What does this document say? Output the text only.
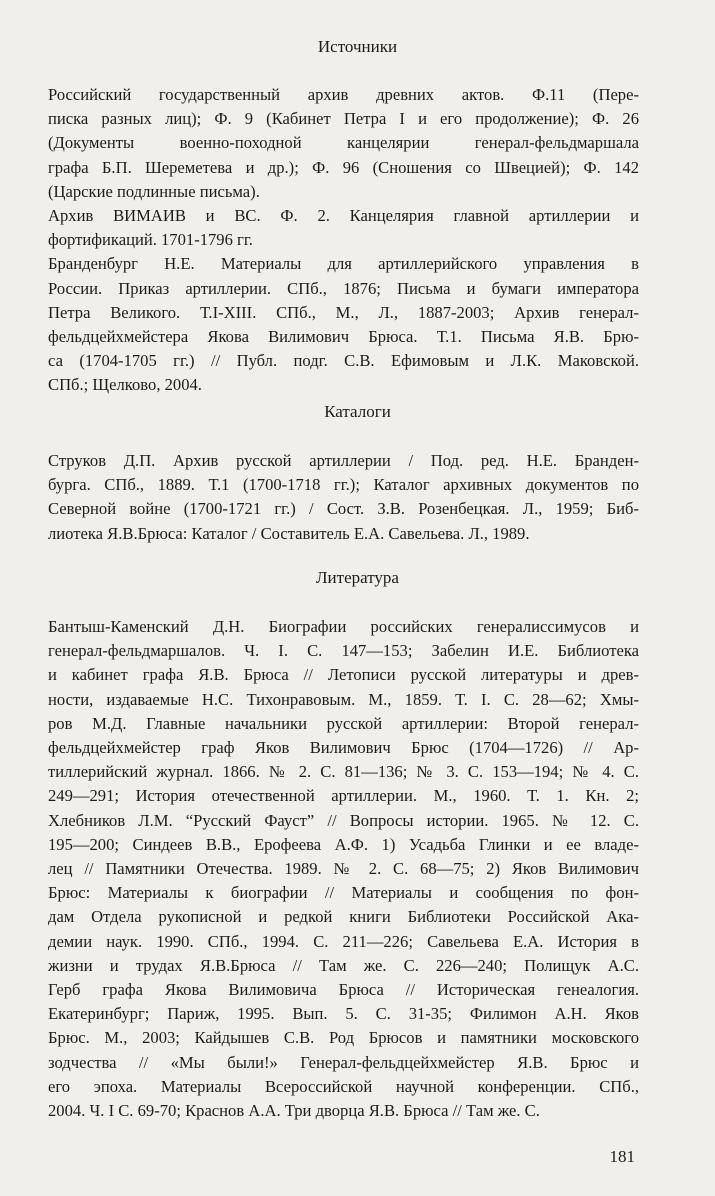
Источники

Российский государственный архив древних актов. Ф.11 (Пере-
писка разных лиц); Ф. 9 (Кабинет Петра I и его продолжение); Ф. 26
(Документы военно-походной канцелярии генерал-фельдмаршала
графа Б.П. Шереметева и др.); Ф. 96 (Сношения со Швецией); Ф. 142
(Царские подлинные письма).

Архив ВИМАИВ и ВС. Ф. 2. Канцелярия главной артиллерии и
фортификаций. 1701-1796 гг.

Бранденбург Н.Е. Материалы для артиллерийского управления в
России. Приказ артиллерии. СПб., 1876; Письма и бумаги императора
Петра Великого. Т.I-XIII. СПб., М., Л., 1887-2003; Архив генерал-
фельдцейхмейстера Якова Вилимович Брюса. Т.1. Письма Я.В. Брю-
са (1704-1705 гг.) // Публ. подг. С.В. Ефимовым и Л.К. Маковской.
СПб.; Щелково, 2004.

Каталоги

Струков Д.П. Архив русской артиллерии / Под. ред. Н.Е. Бранден-
бурга. СПб., 1889. Т.1 (1700-1718 гг.); Каталог архивных документов по
Северной войне (1700-1721 гг.) / Сост. З.В. Розенбецкая. Л., 1959; Биб-
лиотека Я.В.Брюса: Каталог / Составитель Е.А. Савельева. Л., 1989.

Литература

Бантыш-Каменский Д.Н. Биографии российских генералиссимусов и
генерал-фельдмаршалов. Ч. I. С. 147—153; Забелин И.Е. Библиотека
и кабинет графа Я.В. Брюса // Летописи русской литературы и древ-
ности, издаваемые Н.С. Тихонравовым. М., 1859. Т. I. С. 28—62; Хмы-
ров М.Д. Главные начальники русской артиллерии: Второй генерал-
фельдцейхмейстер граф Яков Вилимович Брюс (1704—1726) // Ар-
тиллерийский журнал. 1866. № 2. С. 81—136; № 3. С. 153—194; № 4. С.
249—291; История отечественной артиллерии. М., 1960. Т. 1. Кн. 2;
Хлебников Л.М. “Русский Фауст” // Вопросы истории. 1965. № 12. С.
195—200; Синдеев В.В., Ерофеева А.Ф. 1) Усадьба Глинки и ее владе-
лец // Памятники Отечества. 1989. № 2. С. 68—75; 2) Яков Вилимович
Брюс: Материалы к биографии // Материалы и сообщения по фон-
дам Отдела рукописной и редкой книги Библиотеки Российской Ака-
демии наук. 1990. СПб., 1994. С. 211—226; Савельева Е.А. История в
жизни и трудах Я.В.Брюса // Там же. С. 226—240; Полищук А.С.
Герб графа Якова Вилимовича Брюса // Историческая генеалогия.
Екатеринбург; Париж, 1995. Вып. 5. С. 31-35; Филимон А.Н. Яков
Брюс. М., 2003; Кайдышев С.В. Род Брюсов и памятники московского
зодчества // «Мы были!» Генерал-фельдцейхмейстер Я.В. Брюс и
его эпоха. Материалы Всероссийской научной конференции. СПб.,
2004. Ч. I С. 69-70; Краснов А.А. Три дворца Я.В. Брюса // Там же. С.

181
